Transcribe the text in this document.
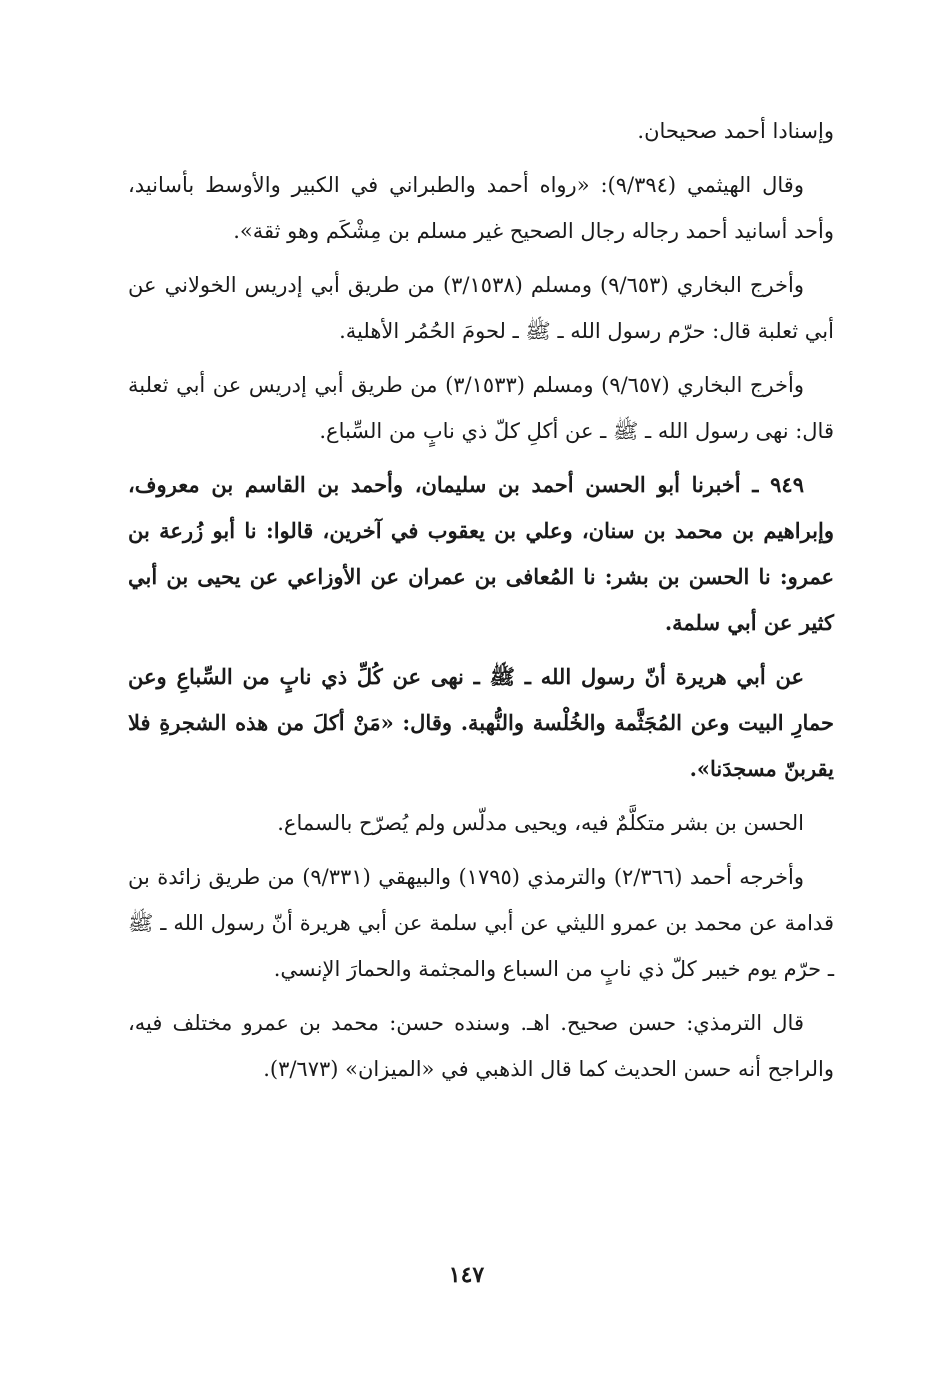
وإسنادا أحمد صحيحان.

وقال الهيثمي (٩/٣٩٤): «رواه أحمد والطبراني في الكبير والأوسط بأسانيد، وأحد أسانيد أحمد رجاله رجال الصحيح غير مسلم بن مِشْكَم وهو ثقة».

وأخرج البخاري (٩/٦٥٣) ومسلم (٣/١٥٣٨) من طريق أبي إدريس الخولاني عن أبي ثعلبة قال: حرّم رسول الله ـ ﷺ ـ لحومَ الحُمُر الأهلية.

وأخرج البخاري (٩/٦٥٧) ومسلم (٣/١٥٣٣) من طريق أبي إدريس عن أبي ثعلبة قال: نهى رسول الله ـ ﷺ ـ عن أكلِ كلّ ذي نابٍ من السِّباع.

٩٤٩ ـ أخبرنا أبو الحسن أحمد بن سليمان، وأحمد بن القاسم بن معروف، وإبراهيم بن محمد بن سنان، وعلي بن يعقوب في آخرين، قالوا: نا أبو زُرعة بن عمرو: نا الحسن بن بشر: نا المُعافى بن عمران عن الأوزاعي عن يحيى بن أبي كثير عن أبي سلمة.

عن أبي هريرة أنّ رسول الله ـ ﷺ ـ نهى عن كُلِّ ذي نابٍ من السِّباعِ وعن حمارِ البيت وعن المُجَثَّمة والخُلْسة والنُّهبة. وقال: «مَنْ أكلَ من هذه الشجرةِ فلا يقربنّ مسجدَنا».

الحسن بن بشر متكلَّمٌ فيه، ويحيى مدلّس ولم يُصرّح بالسماع.

وأخرجه أحمد (٢/٣٦٦) والترمذي (١٧٩٥) والبيهقي (٩/٣٣١) من طريق زائدة بن قدامة عن محمد بن عمرو الليثي عن أبي سلمة عن أبي هريرة أنّ رسول الله ـ ﷺ ـ حرّم يوم خيبر كلّ ذي نابٍ من السباع والمجثمة والحمارَ الإنسي.

قال الترمذي: حسن صحيح. اهـ. وسنده حسن: محمد بن عمرو مختلف فيه، والراجح أنه حسن الحديث كما قال الذهبي في «الميزان» (٣/٦٧٣).

١٤٧
